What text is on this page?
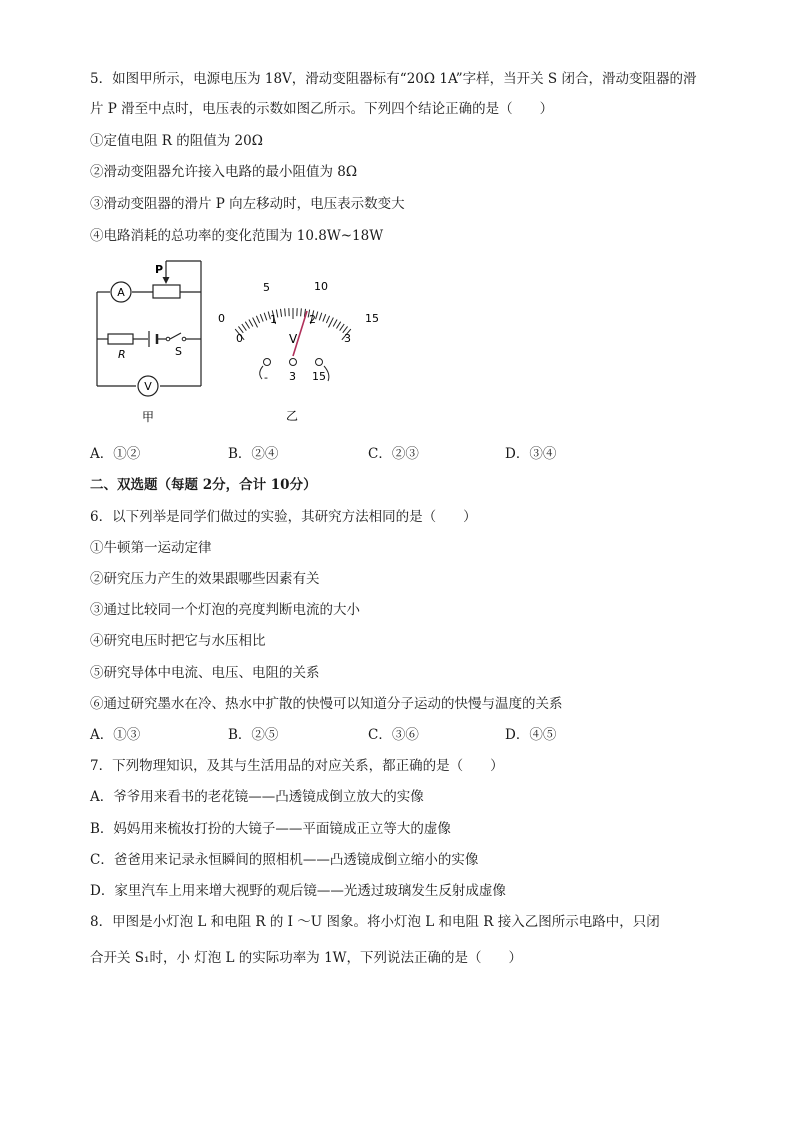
5．如图甲所示，电源电压为 18V，滑动变阻器标有“20Ω 1A”字样，当开关 S 闭合，滑动变阻器的滑
片 P 滑至中点时，电压表的示数如图乙所示。下列四个结论正确的是（　　）
①定值电阻 R 的阻值为 20Ω
②滑动变阻器允许接入电路的最小阻值为 8Ω
③滑动变阻器的滑片 P 向左移动时，电压表示数变大
④电路消耗的总功率的变化范围为 10.8W~18W
P
A
R	S
V
甲
0
5	10
15
0
1	2
3
V
- 3 15
乙
A．①②	B．②④	C．②③	D．③④
二、双选题（每题 2分，合计 10分）
6．以下列举是同学们做过的实验，其研究方法相同的是（　　）
①牛顿第一运动定律
②研究压力产生的效果跟哪些因素有关
③通过比较同一个灯泡的亮度判断电流的大小
④研究电压时把它与水压相比
⑤研究导体中电流、电压、电阻的关系
⑥通过研究墨水在冷、热水中扩散的快慢可以知道分子运动的快慢与温度的关系
A．①③	B．②⑤	C．③⑥	D．④⑤
7．下列物理知识，及其与生活用品的对应关系，都正确的是（　　）
A．爷爷用来看书的老花镜——凸透镜成倒立放大的实像
B．妈妈用来梳妆打扮的大镜子——平面镜成正立等大的虚像
C．爸爸用来记录永恒瞬间的照相机——凸透镜成倒立缩小的实像
D．家里汽车上用来增大视野的观后镜——光透过玻璃发生反射成虚像
8．甲图是小灯泡 L 和电阻 R 的 I ～U 图象。将小灯泡 L 和电阻 R 接入乙图所示电路中，只闭
合开关 S₁时，小 灯泡 L 的实际功率为 1W，下列说法正确的是（　　）
